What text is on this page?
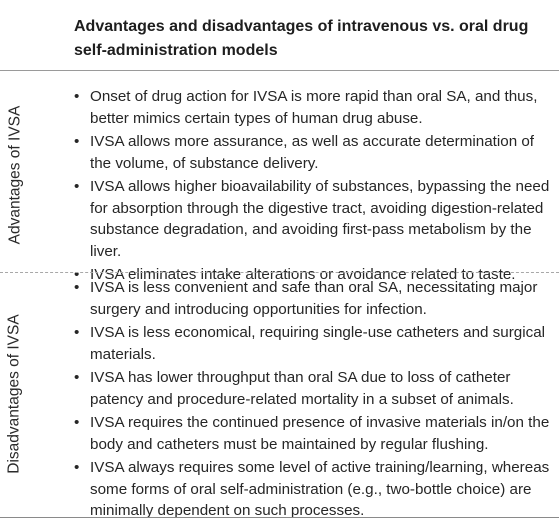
Advantages and disadvantages of intravenous vs. oral drug self-administration models
Advantages of IVSA
• Onset of drug action for IVSA is more rapid than oral SA, and thus, better mimics certain types of human drug abuse.
• IVSA allows more assurance, as well as accurate determination of the volume, of substance delivery.
• IVSA allows higher bioavailability of substances, bypassing the need for absorption through the digestive tract, avoiding digestion-related substance degradation, and avoiding first-pass metabolism by the liver.
• IVSA eliminates intake alterations or avoidance related to taste.
Disadvantages of IVSA
• IVSA is less convenient and safe than oral SA, necessitating major surgery and introducing opportunities for infection.
• IVSA is less economical, requiring single-use catheters and surgical materials.
• IVSA has lower throughput than oral SA due to loss of catheter patency and procedure-related mortality in a subset of animals.
• IVSA requires the continued presence of invasive materials in/on the body and catheters must be maintained by regular flushing.
• IVSA always requires some level of active training/learning, whereas some forms of oral self-administration (e.g., two-bottle choice) are minimally dependent on such processes.
